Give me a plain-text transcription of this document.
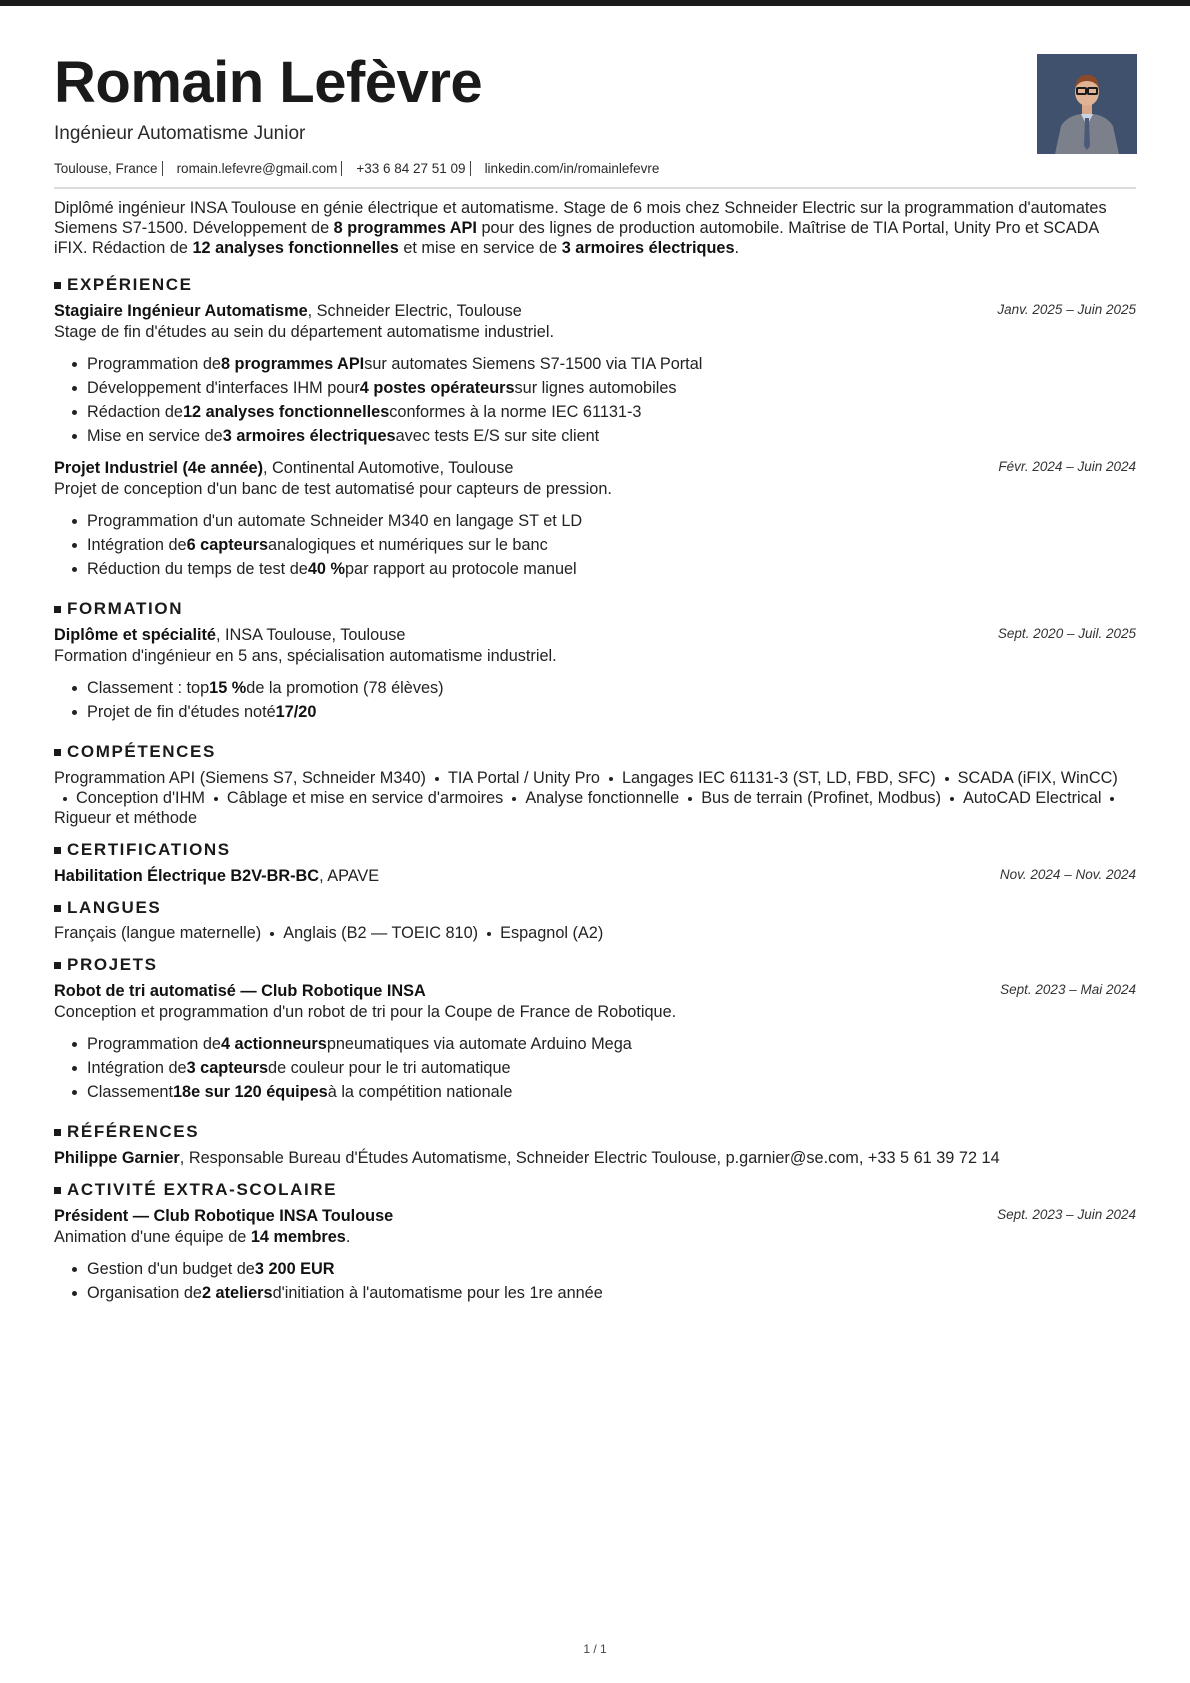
Romain Lefèvre
Ingénieur Automatisme Junior
Toulouse, France romain.lefevre@gmail.com +33 6 84 27 51 09 linkedin.com/in/romainlefevre
Diplômé ingénieur INSA Toulouse en génie électrique et automatisme. Stage de 6 mois chez Schneider Electric sur la programmation d'automates Siemens S7-1500. Développement de 8 programmes API pour des lignes de production automobile. Maîtrise de TIA Portal, Unity Pro et SCADA iFIX. Rédaction de 12 analyses fonctionnelles et mise en service de 3 armoires électriques.
EXPÉRIENCE
Stagiaire Ingénieur Automatisme, Schneider Electric, Toulouse	Janv. 2025 – Juin 2025
Stage de fin d'études au sein du département automatisme industriel.
Programmation de 8 programmes API sur automates Siemens S7-1500 via TIA Portal
Développement d'interfaces IHM pour 4 postes opérateurs sur lignes automobiles
Rédaction de 12 analyses fonctionnelles conformes à la norme IEC 61131-3
Mise en service de 3 armoires électriques avec tests E/S sur site client
Projet Industriel (4e année), Continental Automotive, Toulouse	Févr. 2024 – Juin 2024
Projet de conception d'un banc de test automatisé pour capteurs de pression.
Programmation d'un automate Schneider M340 en langage ST et LD
Intégration de 6 capteurs analogiques et numériques sur le banc
Réduction du temps de test de 40 % par rapport au protocole manuel
FORMATION
Diplôme et spécialité, INSA Toulouse, Toulouse	Sept. 2020 – Juil. 2025
Formation d'ingénieur en 5 ans, spécialisation automatisme industriel.
Classement : top 15 % de la promotion (78 élèves)
Projet de fin d'études noté 17/20
COMPÉTENCES
Programmation API (Siemens S7, Schneider M340) TIA Portal / Unity Pro Langages IEC 61131-3 (ST, LD, FBD, SFC) SCADA (iFIX, WinCC)Conception d'IHM Câblage et mise en service d'armoires Analyse fonctionnelle Bus de terrain (Profinet, Modbus) AutoCAD ElectricalRigueur et méthode
CERTIFICATIONS
Habilitation Électrique B2V-BR-BC, APAVE	Nov. 2024 – Nov. 2024
LANGUES
Français (langue maternelle) Anglais (B2 — TOEIC 810) Espagnol (A2)
PROJETS
Robot de tri automatisé — Club Robotique INSA	Sept. 2023 – Mai 2024
Conception et programmation d'un robot de tri pour la Coupe de France de Robotique.
Programmation de 4 actionneurs pneumatiques via automate Arduino Mega
Intégration de 3 capteurs de couleur pour le tri automatique
Classement 18e sur 120 équipes à la compétition nationale
RÉFÉRENCES
Philippe Garnier, Responsable Bureau d'Études Automatisme, Schneider Electric Toulouse, p.garnier@se.com, +33 5 61 39 72 14
ACTIVITÉ EXTRA-SCOLAIRE
Président — Club Robotique INSA Toulouse	Sept. 2023 – Juin 2024
Animation d'une équipe de 14 membres.
Gestion d'un budget de 3 200 EUR
Organisation de 2 ateliers d'initiation à l'automatisme pour les 1re année
1 / 1
